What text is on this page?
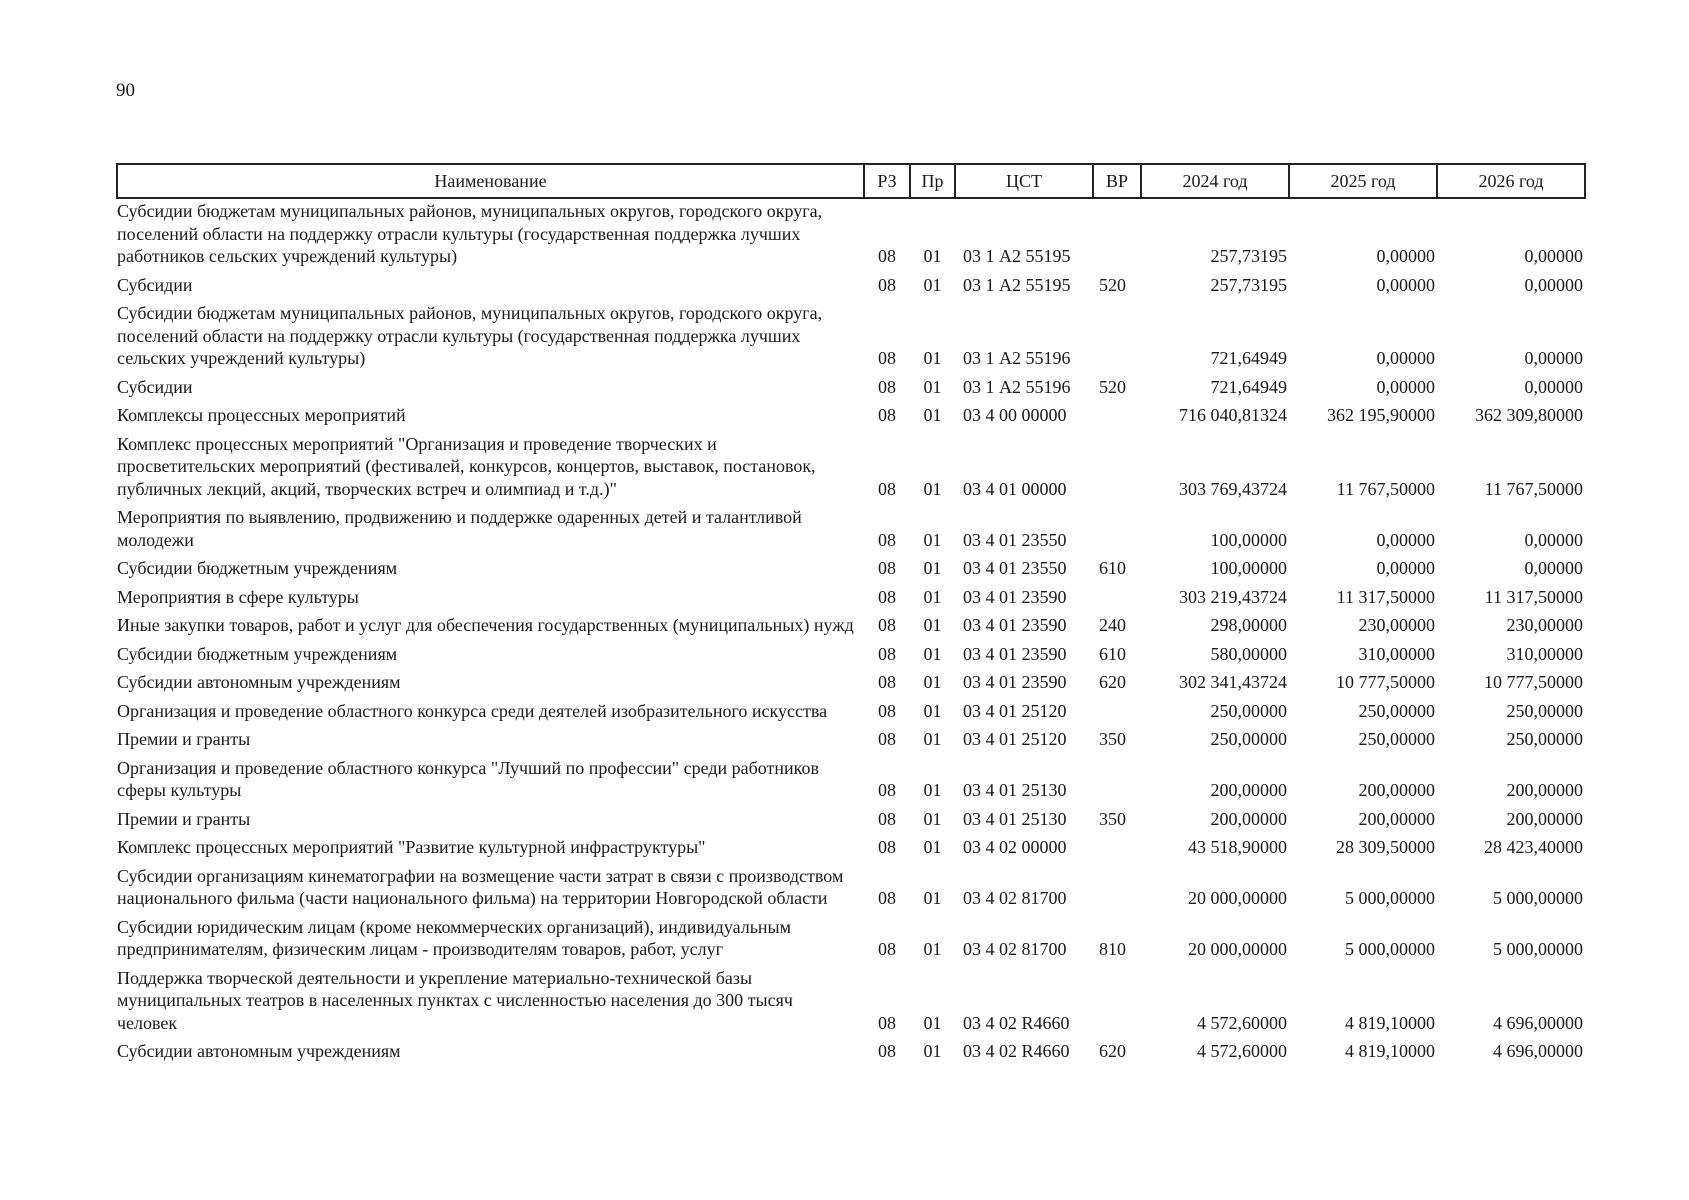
90
Наименование	РЗ	Пр	ЦСТ	ВР	2024 год	2025 год	2026 год
Субсидии бюджетам муниципальных районов, муниципальных округов, городского округа, поселений области на поддержку отрасли культуры (государственная поддержка лучших работников сельских учреждений культуры)	08	01	03 1 А2 55195		257,73195	0,00000	0,00000
Субсидии	08	01	03 1 А2 55195	520	257,73195	0,00000	0,00000
Субсидии бюджетам муниципальных районов, муниципальных округов, городского округа, поселений области на поддержку отрасли культуры (государственная поддержка лучших сельских учреждений культуры)	08	01	03 1 А2 55196		721,64949	0,00000	0,00000
Субсидии	08	01	03 1 А2 55196	520	721,64949	0,00000	0,00000
Комплексы процессных мероприятий	08	01	03 4 00 00000		716 040,81324	362 195,90000	362 309,80000
Комплекс процессных мероприятий "Организация и проведение творческих и просветительских мероприятий (фестивалей, конкурсов, концертов, выставок, постановок, публичных лекций, акций, творческих встреч и олимпиад и т.д.)"	08	01	03 4 01 00000		303 769,43724	11 767,50000	11 767,50000
Мероприятия по выявлению, продвижению и поддержке одаренных детей и талантливой молодежи	08	01	03 4 01 23550		100,00000	0,00000	0,00000
Субсидии бюджетным учреждениям	08	01	03 4 01 23550	610	100,00000	0,00000	0,00000
Мероприятия в сфере культуры	08	01	03 4 01 23590		303 219,43724	11 317,50000	11 317,50000
Иные закупки товаров, работ и услуг для обеспечения государственных (муниципальных) нужд	08	01	03 4 01 23590	240	298,00000	230,00000	230,00000
Субсидии бюджетным учреждениям	08	01	03 4 01 23590	610	580,00000	310,00000	310,00000
Субсидии автономным учреждениям	08	01	03 4 01 23590	620	302 341,43724	10 777,50000	10 777,50000
Организация и проведение областного конкурса среди деятелей изобразительного искусства	08	01	03 4 01 25120		250,00000	250,00000	250,00000
Премии и гранты	08	01	03 4 01 25120	350	250,00000	250,00000	250,00000
Организация и проведение областного конкурса "Лучший по профессии" среди работников сферы культуры	08	01	03 4 01 25130		200,00000	200,00000	200,00000
Премии и гранты	08	01	03 4 01 25130	350	200,00000	200,00000	200,00000
Комплекс процессных мероприятий "Развитие культурной инфраструктуры"	08	01	03 4 02 00000		43 518,90000	28 309,50000	28 423,40000
Субсидии организациям кинематографии на возмещение части затрат в связи с производством национального фильма (части национального фильма) на территории Новгородской области	08	01	03 4 02 81700		20 000,00000	5 000,00000	5 000,00000
Субсидии юридическим лицам (кроме некоммерческих организаций), индивидуальным предпринимателям, физическим лицам - производителям товаров, работ, услуг	08	01	03 4 02 81700	810	20 000,00000	5 000,00000	5 000,00000
Поддержка творческой деятельности и укрепление материально-технической базы муниципальных театров в населенных пунктах с численностью населения до 300 тысяч человек	08	01	03 4 02 R4660		4 572,60000	4 819,10000	4 696,00000
Субсидии автономным учреждениям	08	01	03 4 02 R4660	620	4 572,60000	4 819,10000	4 696,00000
